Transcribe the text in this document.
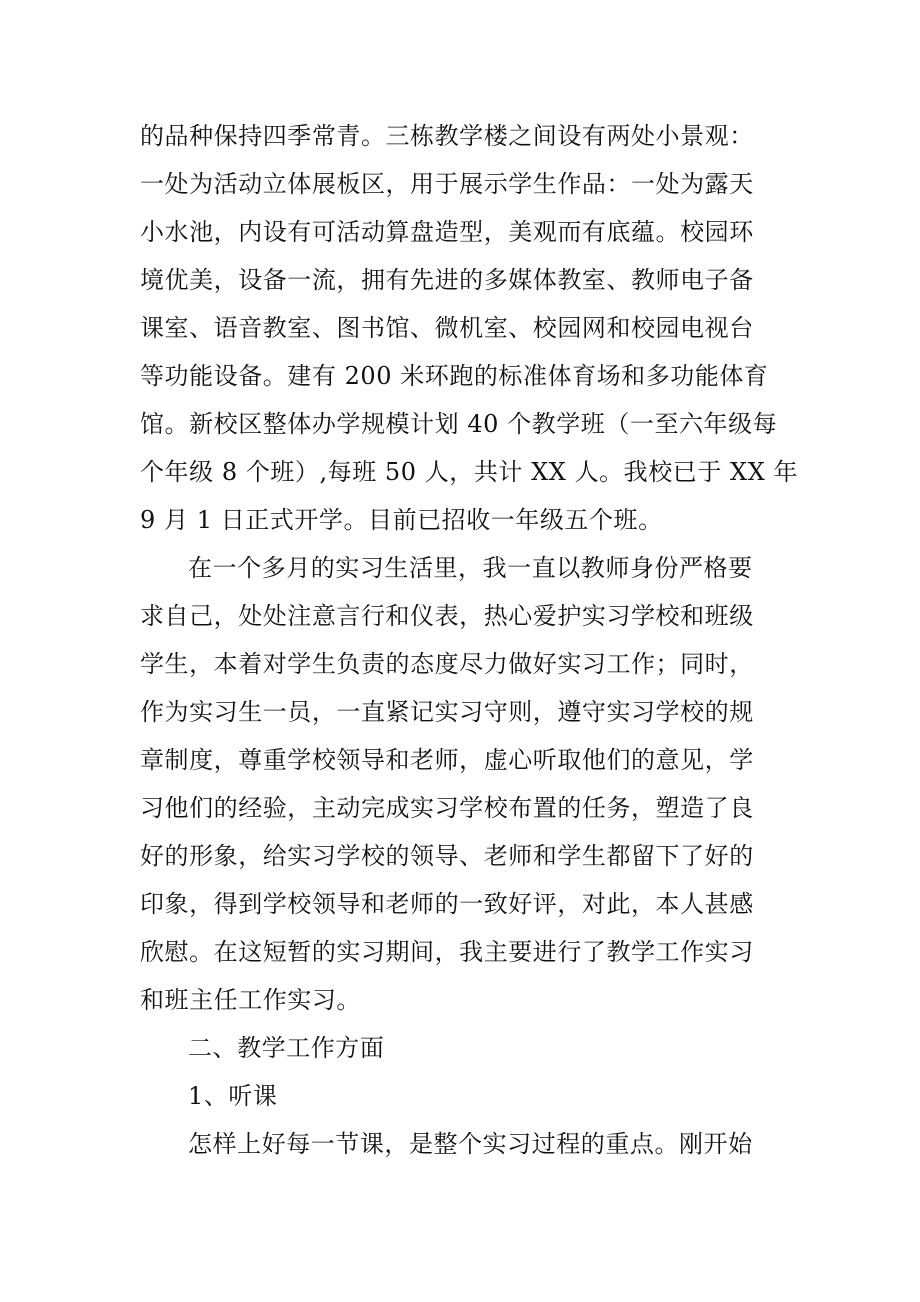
的品种保持四季常青。三栋教学楼之间设有两处小景观：
一处为活动立体展板区，用于展示学生作品：一处为露天
小水池，内设有可活动算盘造型，美观而有底蕴。校园环
境优美，设备一流，拥有先进的多媒体教室、教师电子备
课室、语音教室、图书馆、微机室、校园网和校园电视台
等功能设备。建有 200 米环跑的标准体育场和多功能体育
馆。新校区整体办学规模计划 40 个教学班（一至六年级每
个年级 8 个班）,每班 50 人，共计 XX 人。我校已于 XX 年
9 月 1 日正式开学。目前已招收一年级五个班。
在一个多月的实习生活里，我一直以教师身份严格要
求自己，处处注意言行和仪表，热心爱护实习学校和班级
学生，本着对学生负责的态度尽力做好实习工作；同时，
作为实习生一员，一直紧记实习守则，遵守实习学校的规
章制度，尊重学校领导和老师，虚心听取他们的意见，学
习他们的经验，主动完成实习学校布置的任务，塑造了良
好的形象，给实习学校的领导、老师和学生都留下了好的
印象，得到学校领导和老师的一致好评，对此，本人甚感
欣慰。在这短暂的实习期间，我主要进行了教学工作实习
和班主任工作实习。
二、教学工作方面
1、听课
怎样上好每一节课，是整个实习过程的重点。刚开始
